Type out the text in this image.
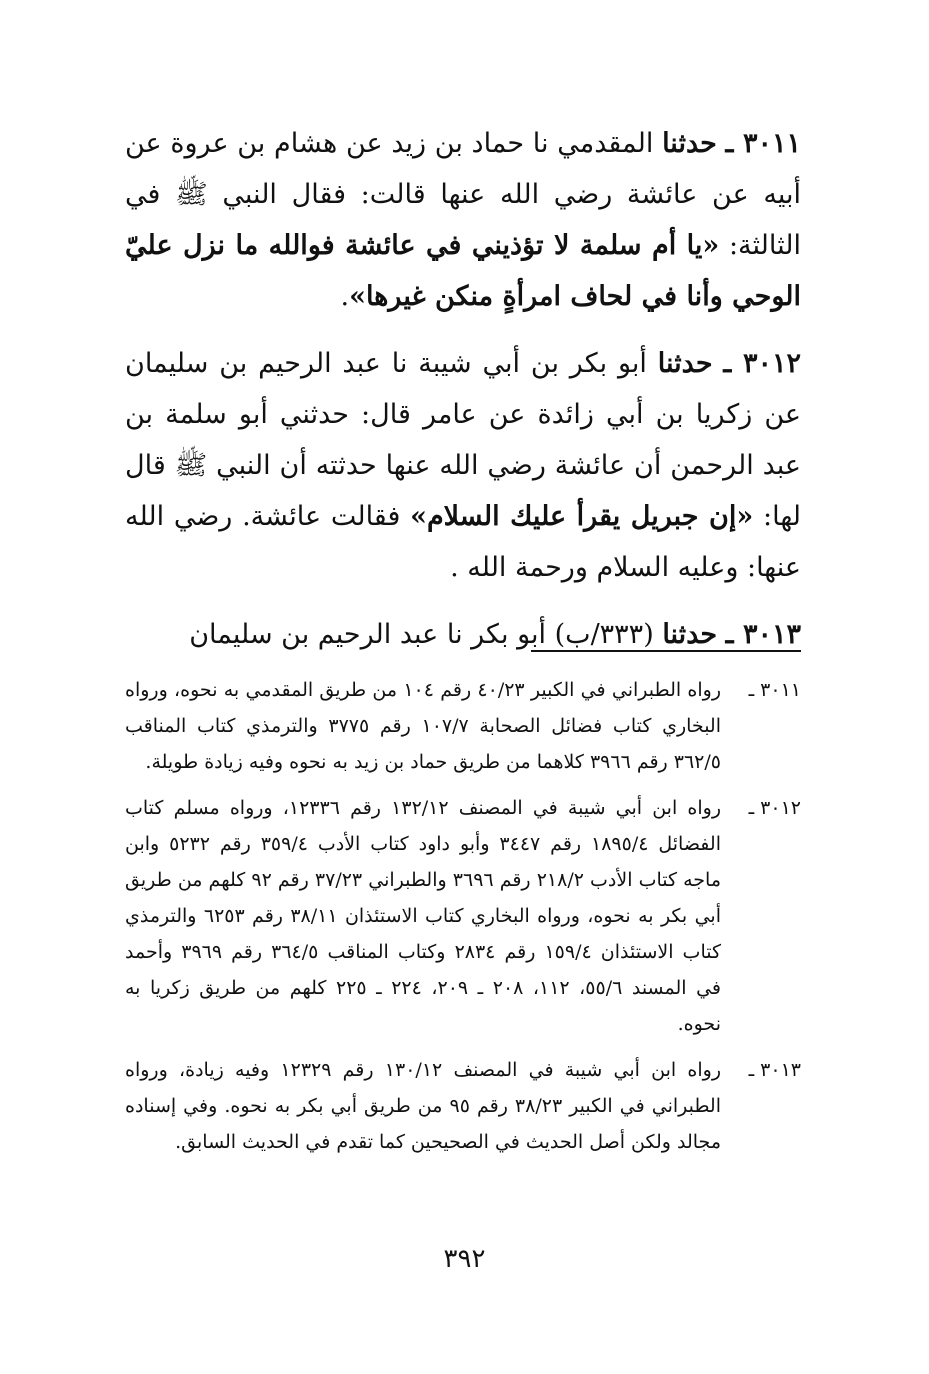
٣٠١١ ـ حدثنا المقدمي نا حماد بن زيد عن هشام بن عروة عن أبيه عن عائشة رضي الله عنها قالت: فقال النبي ﷺ في الثالثة: «يا أم سلمة لا تؤذيني في عائشة فوالله ما نزل عليّ الوحي وأنا في لحاف امرأةٍ منكن غيرها».

٣٠١٢ ـ حدثنا أبو بكر بن أبي شيبة نا عبد الرحيم بن سليمان عن زكريا بن أبي زائدة عن عامر قال: حدثني أبو سلمة بن عبد الرحمن أن عائشة رضي الله عنها حدثته أن النبي ﷺ قال لها: «إن جبريل يقرأ عليك السلام» فقالت عائشة. رضي الله عنها: وعليه السلام ورحمة الله .

٣٠١٣ ـ حدثنا (٣٣٣/ب) أبو بكر نا عبد الرحيم بن سليمان

٣٠١١ ـ
رواه الطبراني في الكبير ٤٠/٢٣ رقم ١٠٤ من طريق المقدمي به نحوه، ورواه البخاري كتاب فضائل الصحابة ١٠٧/٧ رقم ٣٧٧٥ والترمذي كتاب المناقب ٣٦٢/٥ رقم ٣٩٦٦ كلاهما من طريق حماد بن زيد به نحوه وفيه زيادة طويلة.
٣٠١٢ ـ
رواه ابن أبي شيبة في المصنف ١٣٢/١٢ رقم ١٢٣٣٦، ورواه مسلم كتاب الفضائل ١٨٩٥/٤ رقم ٣٤٤٧ وأبو داود كتاب الأدب ٣٥٩/٤ رقم ٥٢٣٢ وابن ماجه كتاب الأدب ٢١٨/٢ رقم ٣٦٩٦ والطبراني ٣٧/٢٣ رقم ٩٢ كلهم من طريق أبي بكر به نحوه، ورواه البخاري كتاب الاستئذان ٣٨/١١ رقم ٦٢٥٣ والترمذي كتاب الاستئذان ١٥٩/٤ رقم ٢٨٣٤ وكتاب المناقب ٣٦٤/٥ رقم ٣٩٦٩ وأحمد في المسند ٥٥/٦، ١١٢، ٢٠٨ ـ ٢٠٩، ٢٢٤ ـ ٢٢٥ كلهم من طريق زكريا به نحوه.
٣٠١٣ ـ
رواه ابن أبي شيبة في المصنف ١٣٠/١٢ رقم ١٢٣٢٩ وفيه زيادة، ورواه الطبراني في الكبير ٣٨/٢٣ رقم ٩٥ من طريق أبي بكر به نحوه. وفي إسناده مجالد ولكن أصل الحديث في الصحيحين كما تقدم في الحديث السابق.
٣٩٢
